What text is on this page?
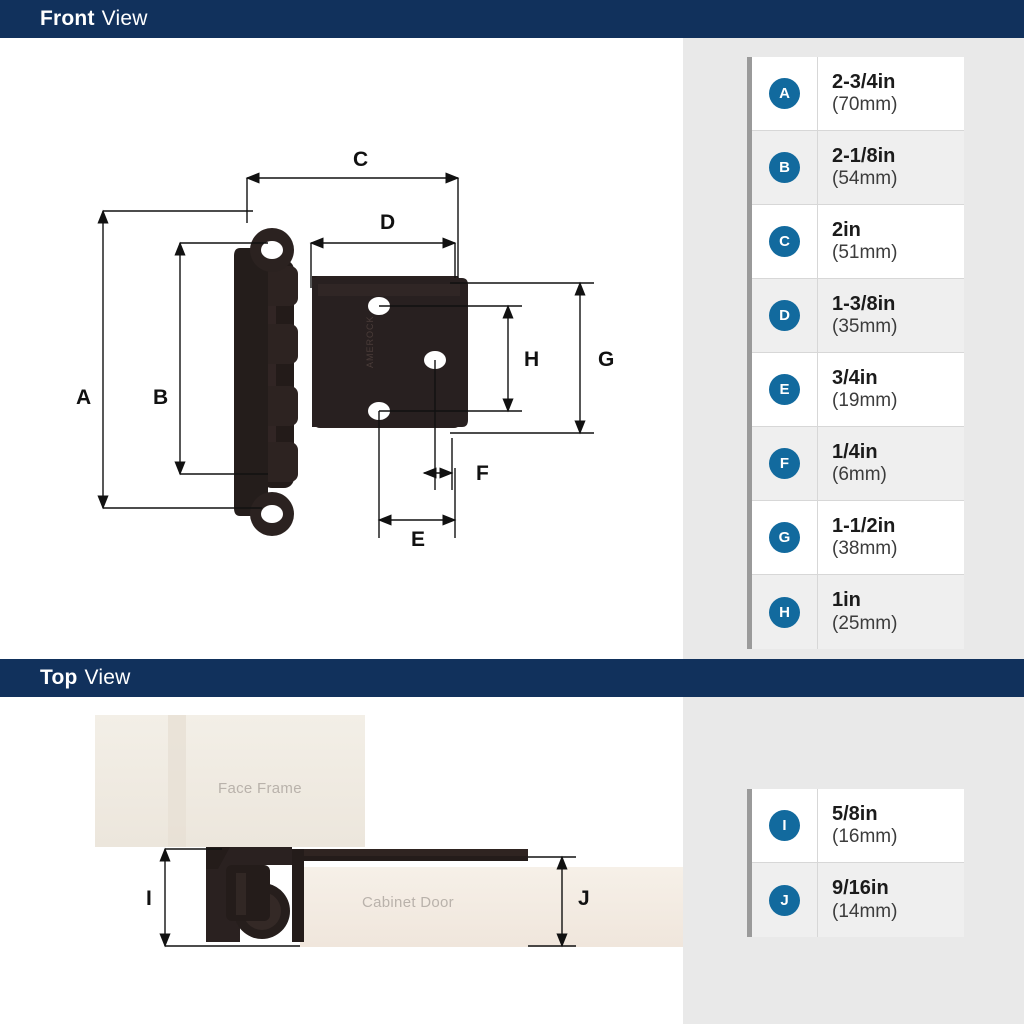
Front View
AMEROCK
A	B
C
D
E
F
G
H
A
2-3/4in
(70mm)
B
2-1/8in
(54mm)
C
2in
(51mm)
D
1-3/8in
(35mm)
E
3/4in
(19mm)
F
1/4in
(6mm)
G
1-1/2in
(38mm)
H
1in
(25mm)
Top View
Face Frame
Cabinet Door
I	J
I
5/8in
(16mm)
J
9/16in
(14mm)
